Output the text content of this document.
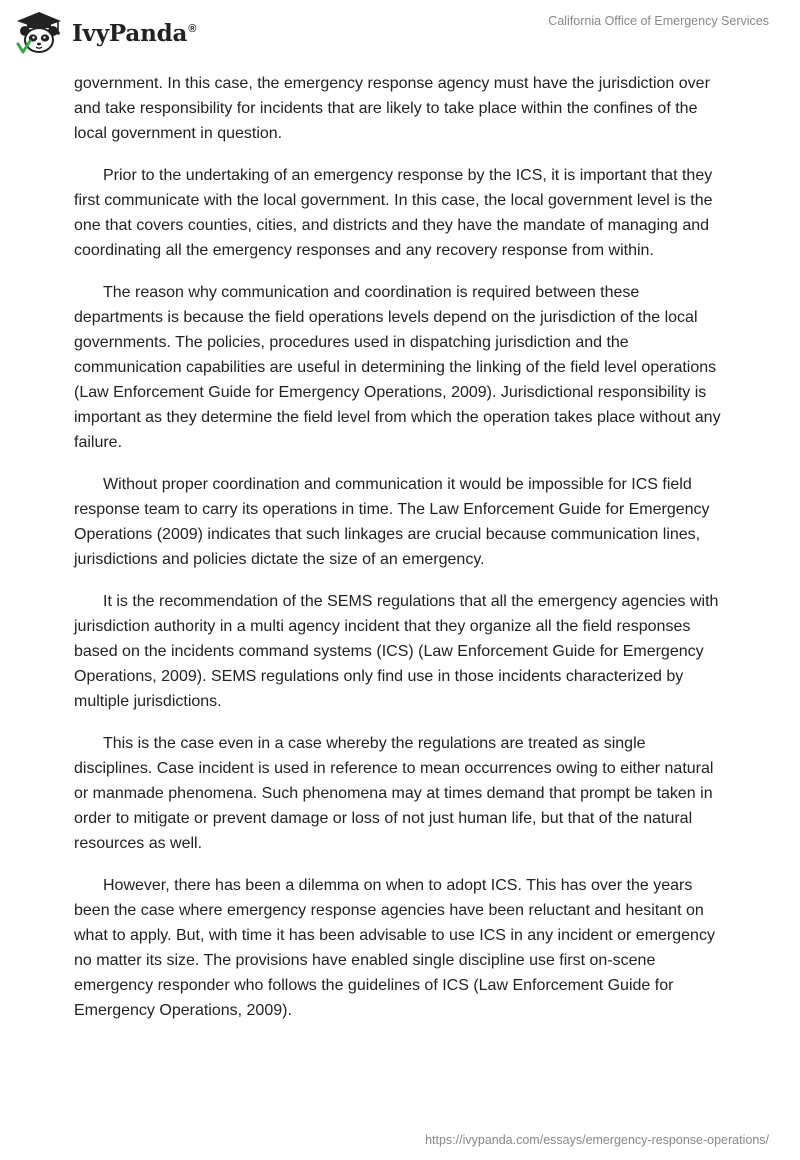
IvyPanda®
California Office of Emergency Services

government. In this case, the emergency response agency must have the jurisdiction over and take responsibility for incidents that are likely to take place within the confines of the local government in question.

Prior to the undertaking of an emergency response by the ICS, it is important that they first communicate with the local government. In this case, the local government level is the one that covers counties, cities, and districts and they have the mandate of managing and coordinating all the emergency responses and any recovery response from within.

The reason why communication and coordination is required between these departments is because the field operations levels depend on the jurisdiction of the local governments. The policies, procedures used in dispatching jurisdiction and the communication capabilities are useful in determining the linking of the field level operations (Law Enforcement Guide for Emergency Operations, 2009). Jurisdictional responsibility is important as they determine the field level from which the operation takes place without any failure.

Without proper coordination and communication it would be impossible for ICS field response team to carry its operations in time. The Law Enforcement Guide for Emergency Operations (2009) indicates that such linkages are crucial because communication lines, jurisdictions and policies dictate the size of an emergency.

It is the recommendation of the SEMS regulations that all the emergency agencies with jurisdiction authority in a multi agency incident that they organize all the field responses based on the incidents command systems (ICS) (Law Enforcement Guide for Emergency Operations, 2009). SEMS regulations only find use in those incidents characterized by multiple jurisdictions.

This is the case even in a case whereby the regulations are treated as single disciplines. Case incident is used in reference to mean occurrences owing to either natural or manmade phenomena. Such phenomena may at times demand that prompt be taken in order to mitigate or prevent damage or loss of not just human life, but that of the natural resources as well.

However, there has been a dilemma on when to adopt ICS. This has over the years been the case where emergency response agencies have been reluctant and hesitant on what to apply. But, with time it has been advisable to use ICS in any incident or emergency no matter its size. The provisions have enabled single discipline use first on-scene emergency responder who follows the guidelines of ICS (Law Enforcement Guide for Emergency Operations, 2009).

https://ivypanda.com/essays/emergency-response-operations/
